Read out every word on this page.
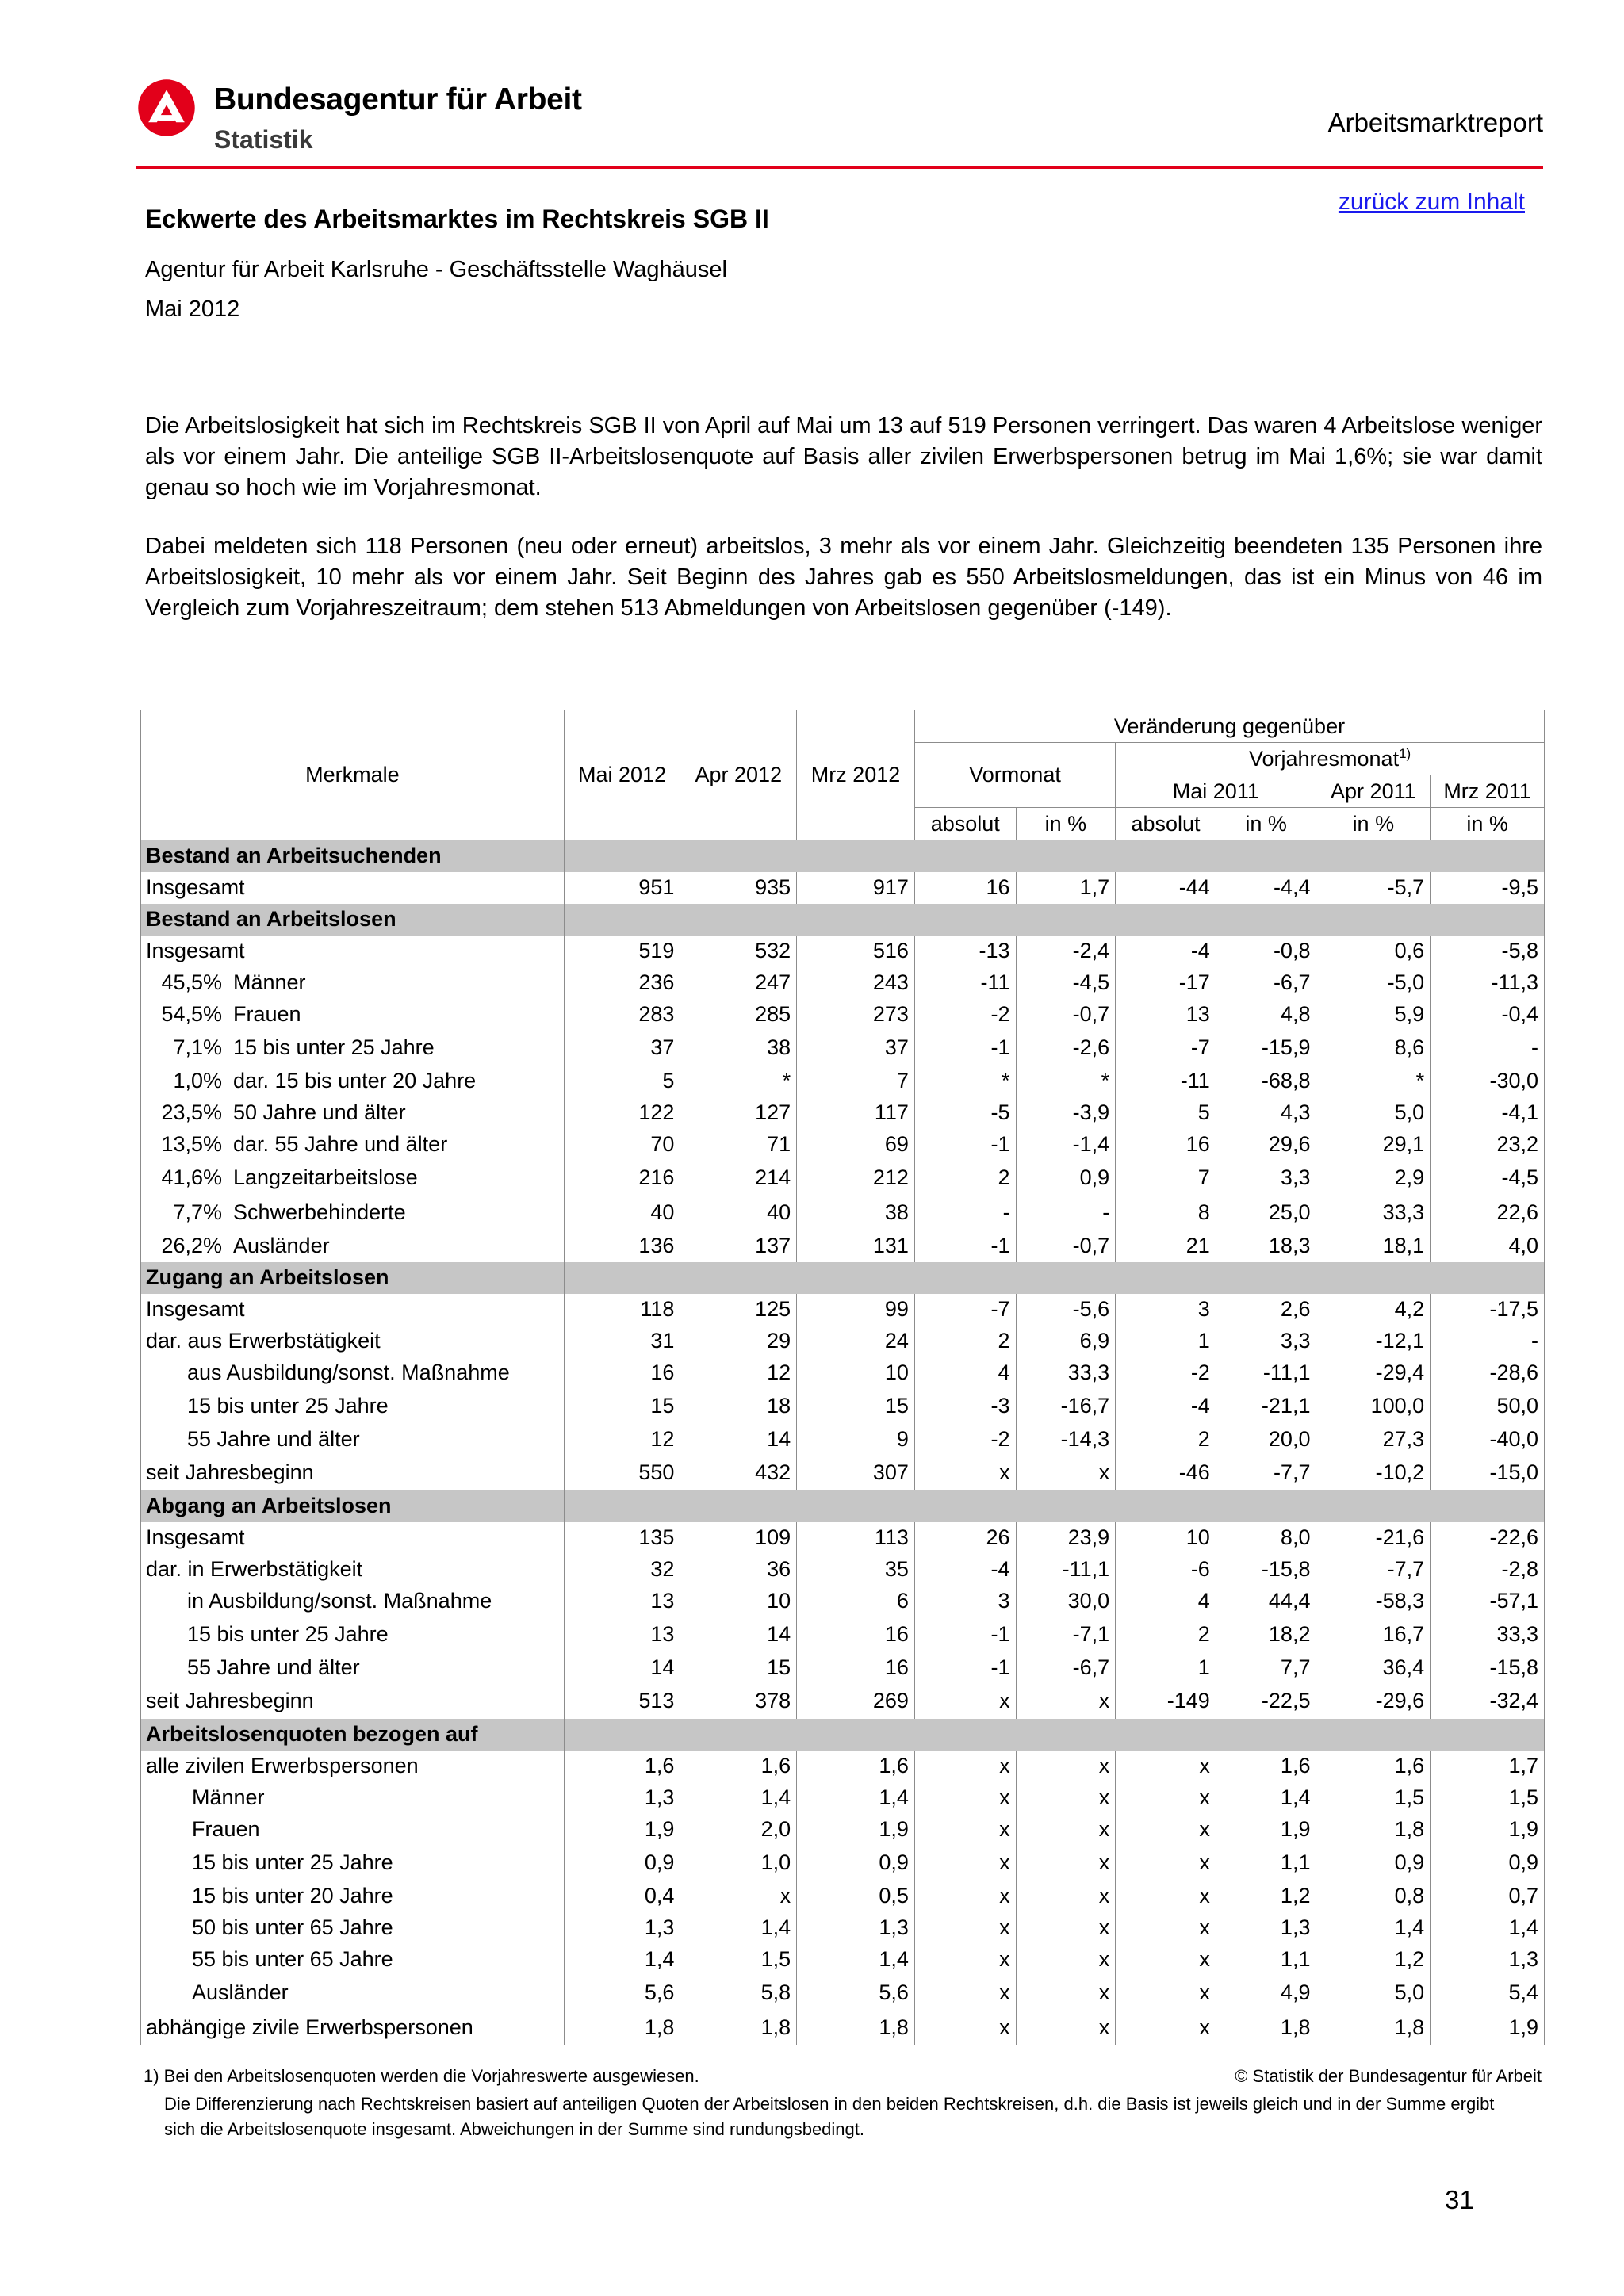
Bundesagentur für Arbeit
Statistik
Arbeitsmarktreport
zurück zum Inhalt
Eckwerte des Arbeitsmarktes im Rechtskreis SGB II
Agentur für Arbeit Karlsruhe - Geschäftsstelle Waghäusel
Mai 2012

Die Arbeitslosigkeit hat sich im Rechtskreis SGB II von April auf Mai um 13 auf 519 Personen verringert. Das waren 4 Arbeitslose weniger als vor einem Jahr. Die anteilige SGB II-Arbeitslosenquote auf Basis aller zivilen Erwerbspersonen betrug im Mai 1,6%; sie war damit genau so hoch wie im Vorjahresmonat.

Dabei meldeten sich 118 Personen (neu oder erneut) arbeitslos, 3 mehr als vor einem Jahr. Gleichzeitig beendeten 135 Personen ihre Arbeitslosigkeit, 10 mehr als vor einem Jahr. Seit Beginn des Jahres gab es 550 Arbeitslosmeldungen, das ist ein Minus von 46 im Vergleich zum Vorjahreszeitraum; dem stehen 513 Abmeldungen von Arbeitslosen gegenüber (-149).

Merkmale	Mai 2012	Apr 2012	Mrz 2012	Veränderung gegenüber					
				Vormonat		Vorjahresmonat$^{1)}$
						Mai 2011		Apr 2011	Mrz 2011
				absolut	in %	absolut	in %	in %	in %
Bestand an Arbeitsuchenden									
Insgesamt	951	935	917	16	1,7	-44	-4,4	-5,7	-9,5
Bestand an Arbeitslosen									
Insgesamt	519	532	516	-13	-2,4	-4	-0,8	0,6	-5,8
45,5% Männer	236	247	243	-11	-4,5	-17	-6,7	-5,0	-11,3
54,5% Frauen	283	285	273	-2	-0,7	13	4,8	5,9	-0,4
7,1% 15 bis unter 25 Jahre	37	38	37	-1	-2,6	-7	-15,9	8,6	-
1,0% dar. 15 bis unter 20 Jahre	5	*	7	*	*	-11	-68,8	*	-30,0
23,5% 50 Jahre und älter	122	127	117	-5	-3,9	5	4,3	5,0	-4,1
13,5% dar. 55 Jahre und älter	70	71	69	-1	-1,4	16	29,6	29,1	23,2
41,6% Langzeitarbeitslose	216	214	212	2	0,9	7	3,3	2,9	-4,5
7,7% Schwerbehinderte	40	40	38	-	-	8	25,0	33,3	22,6
26,2% Ausländer	136	137	131	-1	-0,7	21	18,3	18,1	4,0
Zugang an Arbeitslosen									
Insgesamt	118	125	99	-7	-5,6	3	2,6	4,2	-17,5
dar. aus Erwerbstätigkeit	31	29	24	2	6,9	1	3,3	-12,1	-
aus Ausbildung/sonst. Maßnahme	16	12	10	4	33,3	-2	-11,1	-29,4	-28,6
15 bis unter 25 Jahre	15	18	15	-3	-16,7	-4	-21,1	100,0	50,0
55 Jahre und älter	12	14	9	-2	-14,3	2	20,0	27,3	-40,0
seit Jahresbeginn	550	432	307	x	x	-46	-7,7	-10,2	-15,0
Abgang an Arbeitslosen									
Insgesamt	135	109	113	26	23,9	10	8,0	-21,6	-22,6
dar. in Erwerbstätigkeit	32	36	35	-4	-11,1	-6	-15,8	-7,7	-2,8
in Ausbildung/sonst. Maßnahme	13	10	6	3	30,0	4	44,4	-58,3	-57,1
15 bis unter 25 Jahre	13	14	16	-1	-7,1	2	18,2	16,7	33,3
55 Jahre und älter	14	15	16	-1	-6,7	1	7,7	36,4	-15,8
seit Jahresbeginn	513	378	269	x	x	-149	-22,5	-29,6	-32,4
Arbeitslosenquoten bezogen auf									
alle zivilen Erwerbspersonen	1,6	1,6	1,6	x	x	x	1,6	1,6	1,7
Männer	1,3	1,4	1,4	x	x	x	1,4	1,5	1,5
Frauen	1,9	2,0	1,9	x	x	x	1,9	1,8	1,9
15 bis unter 25 Jahre	0,9	1,0	0,9	x	x	x	1,1	0,9	0,9
15 bis unter 20 Jahre	0,4	x	0,5	x	x	x	1,2	0,8	0,7
50 bis unter 65 Jahre	1,3	1,4	1,3	x	x	x	1,3	1,4	1,4
55 bis unter 65 Jahre	1,4	1,5	1,4	x	x	x	1,1	1,2	1,3
Ausländer	5,6	5,8	5,6	x	x	x	4,9	5,0	5,4
abhängige zivile Erwerbspersonen	1,8	1,8	1,8	x	x	x	1,8	1,8	1,9
1) Bei den Arbeitslosenquoten werden die Vorjahreswerte ausgewiesen.	© Statistik der Bundesagentur für Arbeit
Die Differenzierung nach Rechtskreisen basiert auf anteiligen Quoten der Arbeitslosen in den beiden Rechtskreisen, d.h. die Basis ist jeweils gleich und in der Summe ergibt sich die Arbeitslosenquote insgesamt. Abweichungen in der Summe sind rundungsbedingt.
31
